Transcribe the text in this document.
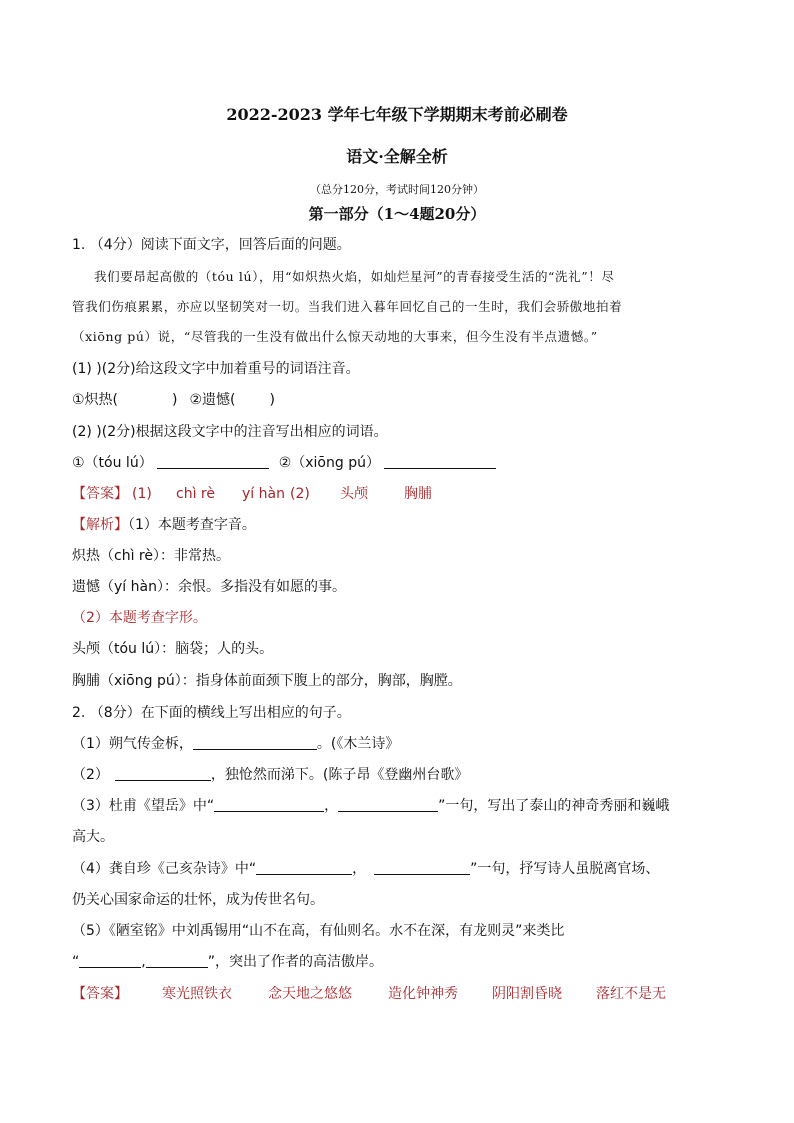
2022-2023 学年七年级下学期期末考前必刷卷
语文·全解全析
（总分120分，考试时间120分钟）
第一部分（1～4题20分）
1. （4分）阅读下面文字，回答后面的问题。
我们要昂起高傲的（tóu lú），用“如炽热火焰，如灿烂星河”的青春接受生活的“洗礼”！尽
管我们伤痕累累，亦应以坚韧笑对一切。当我们进入暮年回忆自己的一生时，我们会骄傲地拍着
（xiōng pú）说，“尽管我的一生没有做出什么惊天动地的大事来，但今生没有半点遗憾。”
(1) )(2分)给这段文字中加着重号的词语注音。
①炽热(	) ②遗憾( )
(2) )(2分)根据这段文字中的注音写出相应的词语。
①（tóu lú）	②（xiōng pú）
【答案】 (1) chì rè yí hàn (2) 头颅	胸脯
【解析】（1）本题考查字音。
炽热（chì rè）：非常热。
遗憾（yí hàn）：余恨。多指没有如愿的事。
（2）本题考查字形。
头颅（tóu lú）：脑袋；人的头。
胸脯（xiōng pú）：指身体前面颈下腹上的部分，胸部，胸膛。
2. （8分）在下面的横线上写出相应的句子。
（1）朔气传金柝，	。(《木兰诗》
（2）	，独怆然而涕下。(陈子昂《登幽州台歌》
（3）杜甫《望岳》中“	，	”一句，写出了泰山的神奇秀丽和巍峨
高大。
（4）龚自珍《己亥杂诗》中“	，	”一句，抒写诗人虽脱离官场、
仍关心国家命运的壮怀，成为传世名句。
（5）《陋室铭》中刘禹锡用“山不在高，有仙则名。水不在深，有龙则灵”来类比
“	,	”，突出了作者的高洁傲岸。
【答案】 寒光照铁衣	念天地之悠悠	造化钟神秀 阴阳割昏晓 落红不是无
